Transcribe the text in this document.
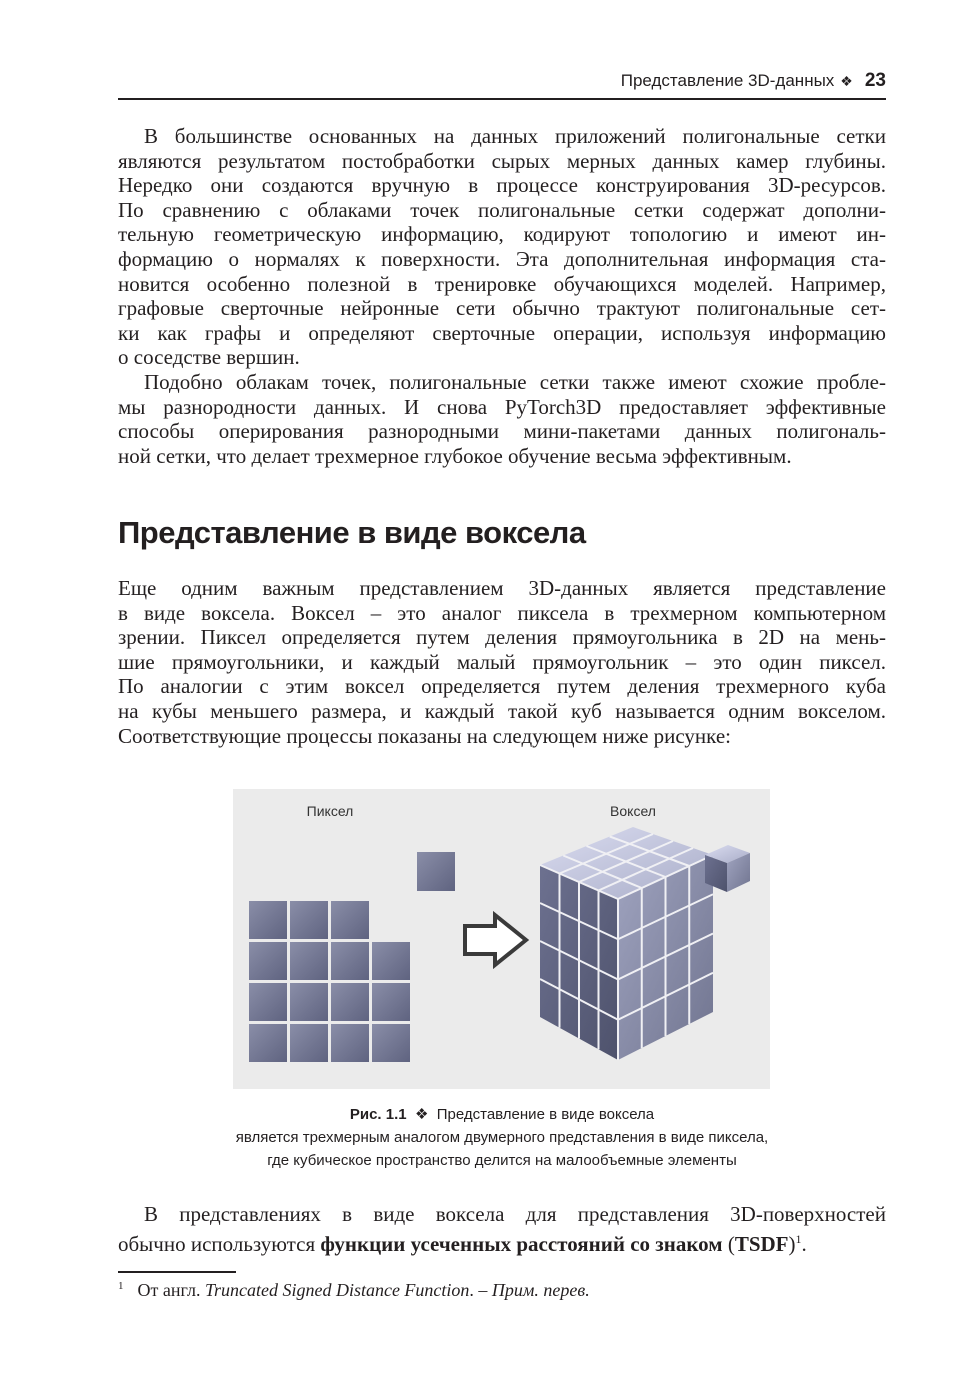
Представление 3D-данных ❖ 23
В большинстве основанных на данных приложений полигональные сетки
являются результатом постобработки сырых мерных данных камер глубины.
Нередко они создаются вручную в процессе конструирования 3D-ресурсов.
По сравнению с облаками точек полигональные сетки содержат дополни-
тельную геометрическую информацию, кодируют топологию и имеют ин-
формацию о нормалях к поверхности. Эта дополнительная информация ста-
новится особенно полезной в тренировке обучающихся моделей. Например,
графовые сверточные нейронные сети обычно трактуют полигональные сет-
ки как графы и определяют сверточные операции, используя информацию
о соседстве вершин.
Подобно облакам точек, полигональные сетки также имеют схожие пробле-
мы разнородности данных. И снова PyTorch3D предоставляет эффективные
способы оперирования разнородными мини-пакетами данных полигональ-
ной сетки, что делает трехмерное глубокое обучение весьма эффективным.
Представление в виде воксела
Еще одним важным представлением 3D-данных является представление
в виде воксела. Воксел – это аналог пиксела в трехмерном компьютерном
зрении. Пиксел определяется путем деления прямоугольника в 2D на мень-
шие прямоугольники, и каждый малый прямоугольник – это один пиксел.
По аналогии с этим воксел определяется путем деления трехмерного куба
на кубы меньшего размера, и каждый такой куб называется одним вокселом.
Соответствующие процессы показаны на следующем ниже рисунке:
Пиксел	Воксел
Рис. 1.1 ❖ Представление в виде воксела
является трехмерным аналогом двумерного представления в виде пиксела,
где кубическое пространство делится на малообъемные элементы
В представлениях в виде воксела для представления 3D-поверхностей
обычно используются функции усеченных расстояний со знаком (TSDF)$^1$.
$^1$ От англ. Truncated Signed Distance Function. – Прим. перев.
